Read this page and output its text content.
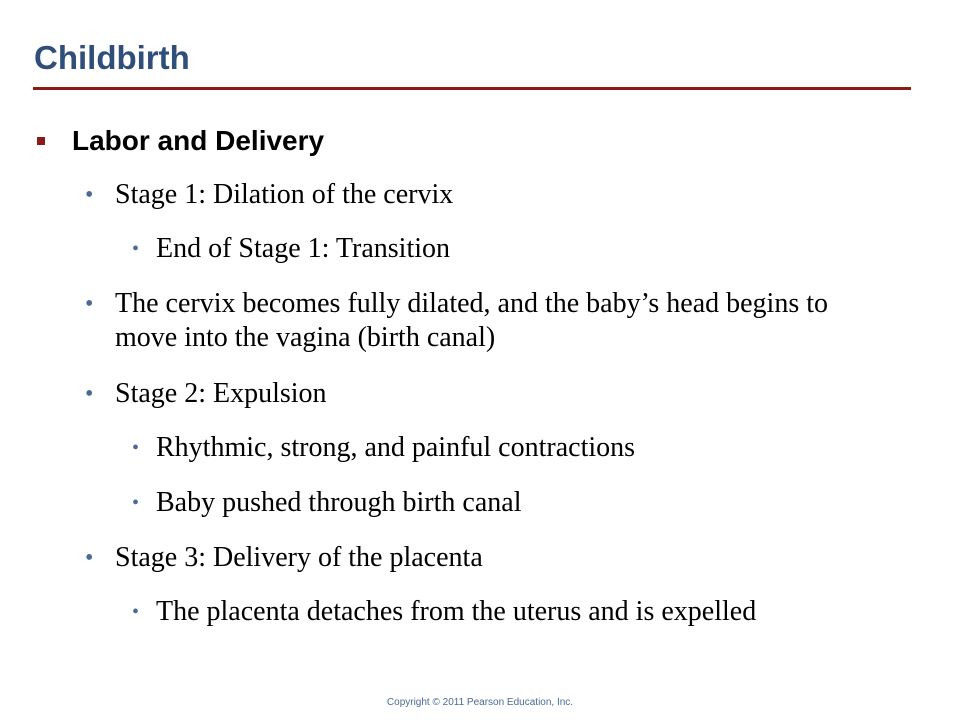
Childbirth
Labor and Delivery
• Stage 1: Dilation of the cervix
• End of Stage 1: Transition
• The cervix becomes fully dilated, and the baby’s head begins to move into the vagina (birth canal)
• Stage 2: Expulsion
• Rhythmic, strong, and painful contractions
• Baby pushed through birth canal
• Stage 3: Delivery of the placenta
• The placenta detaches from the uterus and is expelled
Copyright © 2011 Pearson Education, Inc.
